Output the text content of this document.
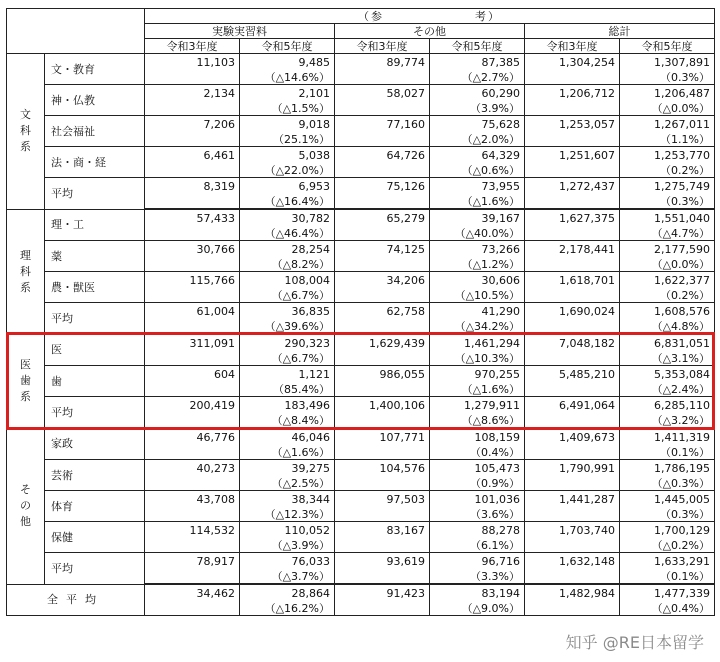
		（参　　　　　　　考）					
		実験実習料		その他		総計	
		令和3年度	令和5年度	令和3年度	令和5年度	令和3年度	令和5年度

文
科
系	文・教育	11,103	9,485	89,774	87,385	1,304,254	1,307,891
			（△14.6%）		（△2.7%）		（0.3%）
	神・仏教	2,134	2,101	58,027	60,290	1,206,712	1,206,487
			（△1.5%）		（3.9%）		（△0.0%）
	社会福祉	7,206	9,018	77,160	75,628	1,253,057	1,267,011
			（25.1%）		（△2.0%）		（1.1%）
	法・商・経	6,461	5,038	64,726	64,329	1,251,607	1,253,770
			（△22.0%）		（△0.6%）		（0.2%）
	平均	8,319	6,953	75,126	73,955	1,272,437	1,275,749
			（△16.4%）		（△1.6%）		（0.3%）

理
科
系	理・工	57,433	30,782	65,279	39,167	1,627,375	1,551,040
			（△46.4%）		（△40.0%）		（△4.7%）
	薬	30,766	28,254	74,125	73,266	2,178,441	2,177,590
			（△8.2%）		（△1.2%）		（△0.0%）
	農・獣医	115,766	108,004	34,206	30,606	1,618,701	1,622,377
			（△6.7%）		（△10.5%）		（0.2%）
	平均	61,004	36,835	62,758	41,290	1,690,024	1,608,576
			（△39.6%）		（△34.2%）		（△4.8%）

医
歯
系	医	311,091	290,323	1,629,439	1,461,294	7,048,182	6,831,051
			（△6.7%）		（△10.3%）		（△3.1%）
	歯	604	1,121	986,055	970,255	5,485,210	5,353,084
			（85.4%）		（△1.6%）		（△2.4%）
	平均	200,419	183,496	1,400,106	1,279,911	6,491,064	6,285,110
			（△8.4%）		（△8.6%）		（△3.2%）

そ
の
他	家政	46,776	46,046	107,771	108,159	1,409,673	1,411,319
			（△1.6%）		（0.4%）		（0.1%）
	芸術	40,273	39,275	104,576	105,473	1,790,991	1,786,195
			（△2.5%）		（0.9%）		（△0.3%）
	体育	43,708	38,344	97,503	101,036	1,441,287	1,445,005
			（△12.3%）		（3.6%）		（0.3%）
	保健	114,532	110,052	83,167	88,278	1,703,740	1,700,129
			（△3.9%）		（6.1%）		（△0.2%）
	平均	78,917	76,033	93,619	96,716	1,632,148	1,633,291
			（△3.7%）		（3.3%）		（0.1%）
全平均		34,462	28,864	91,423	83,194	1,482,984	1,477,339
			（△16.2%）		（△9.0%）		（△0.4%）
知乎 @RE日本留学
